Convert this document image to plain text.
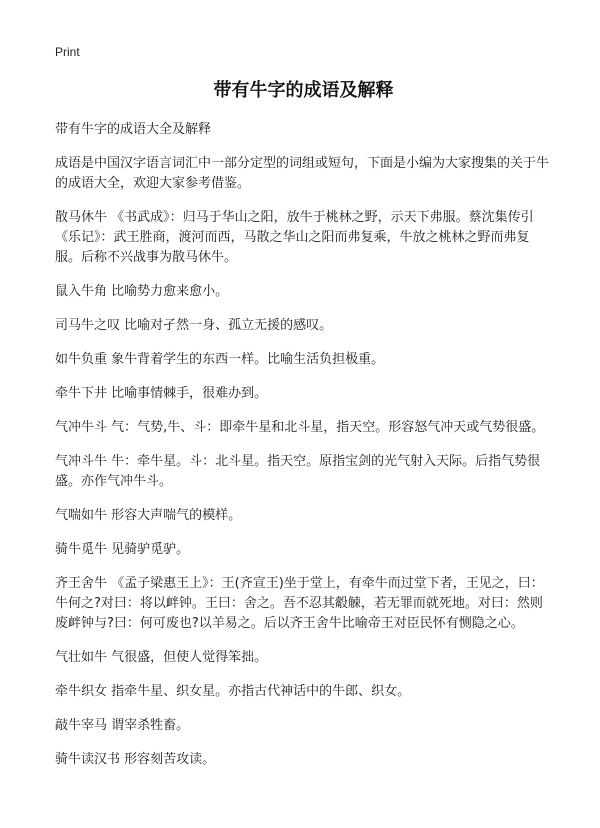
Print
带有牛字的成语及解释

带有牛字的成语大全及解释

成语是中国汉字语言词汇中一部分定型的词组或短句，下面是小编为大家搜集的关于牛的成语大全，欢迎大家参考借鉴。

散马休牛 《书武成》：归马于华山之阳，放牛于桃林之野，示天下弗服。蔡沈集传引《乐记》：武王胜商，渡河而西，马散之华山之阳而弗复乘，牛放之桃林之野而弗复服。后称不兴战事为散马休牛。

鼠入牛角 比喻势力愈来愈小。

司马牛之叹 比喻对孑然一身、孤立无援的感叹。

如牛负重 象牛背着学生的东西一样。比喻生活负担极重。

牵牛下井 比喻事情棘手，很难办到。

气冲牛斗 气：气势,牛、斗：即牵牛星和北斗星，指天空。形容怒气冲天或气势很盛。

气冲斗牛 牛：牵牛星。斗：北斗星。指天空。原指宝剑的光气射入天际。后指气势很盛。亦作气冲牛斗。

气喘如牛 形容大声喘气的模样。

骑牛觅牛 见骑驴觅驴。

齐王舍牛 《孟子梁惠王上》：王(齐宣王)坐于堂上，有牵牛而过堂下者，王见之，曰：牛何之?对曰：将以衅钟。王曰：舍之。吾不忍其觳觫，若无罪而就死地。对曰：然则废衅钟与?曰：何可废也?以羊易之。后以齐王舍牛比喻帝王对臣民怀有恻隐之心。

气壮如牛 气很盛，但使人觉得笨拙。

牵牛织女 指牵牛星、织女星。亦指古代神话中的牛郎、织女。

敲牛宰马 谓宰杀牲畜。

骑牛读汉书 形容刻苦攻读。
